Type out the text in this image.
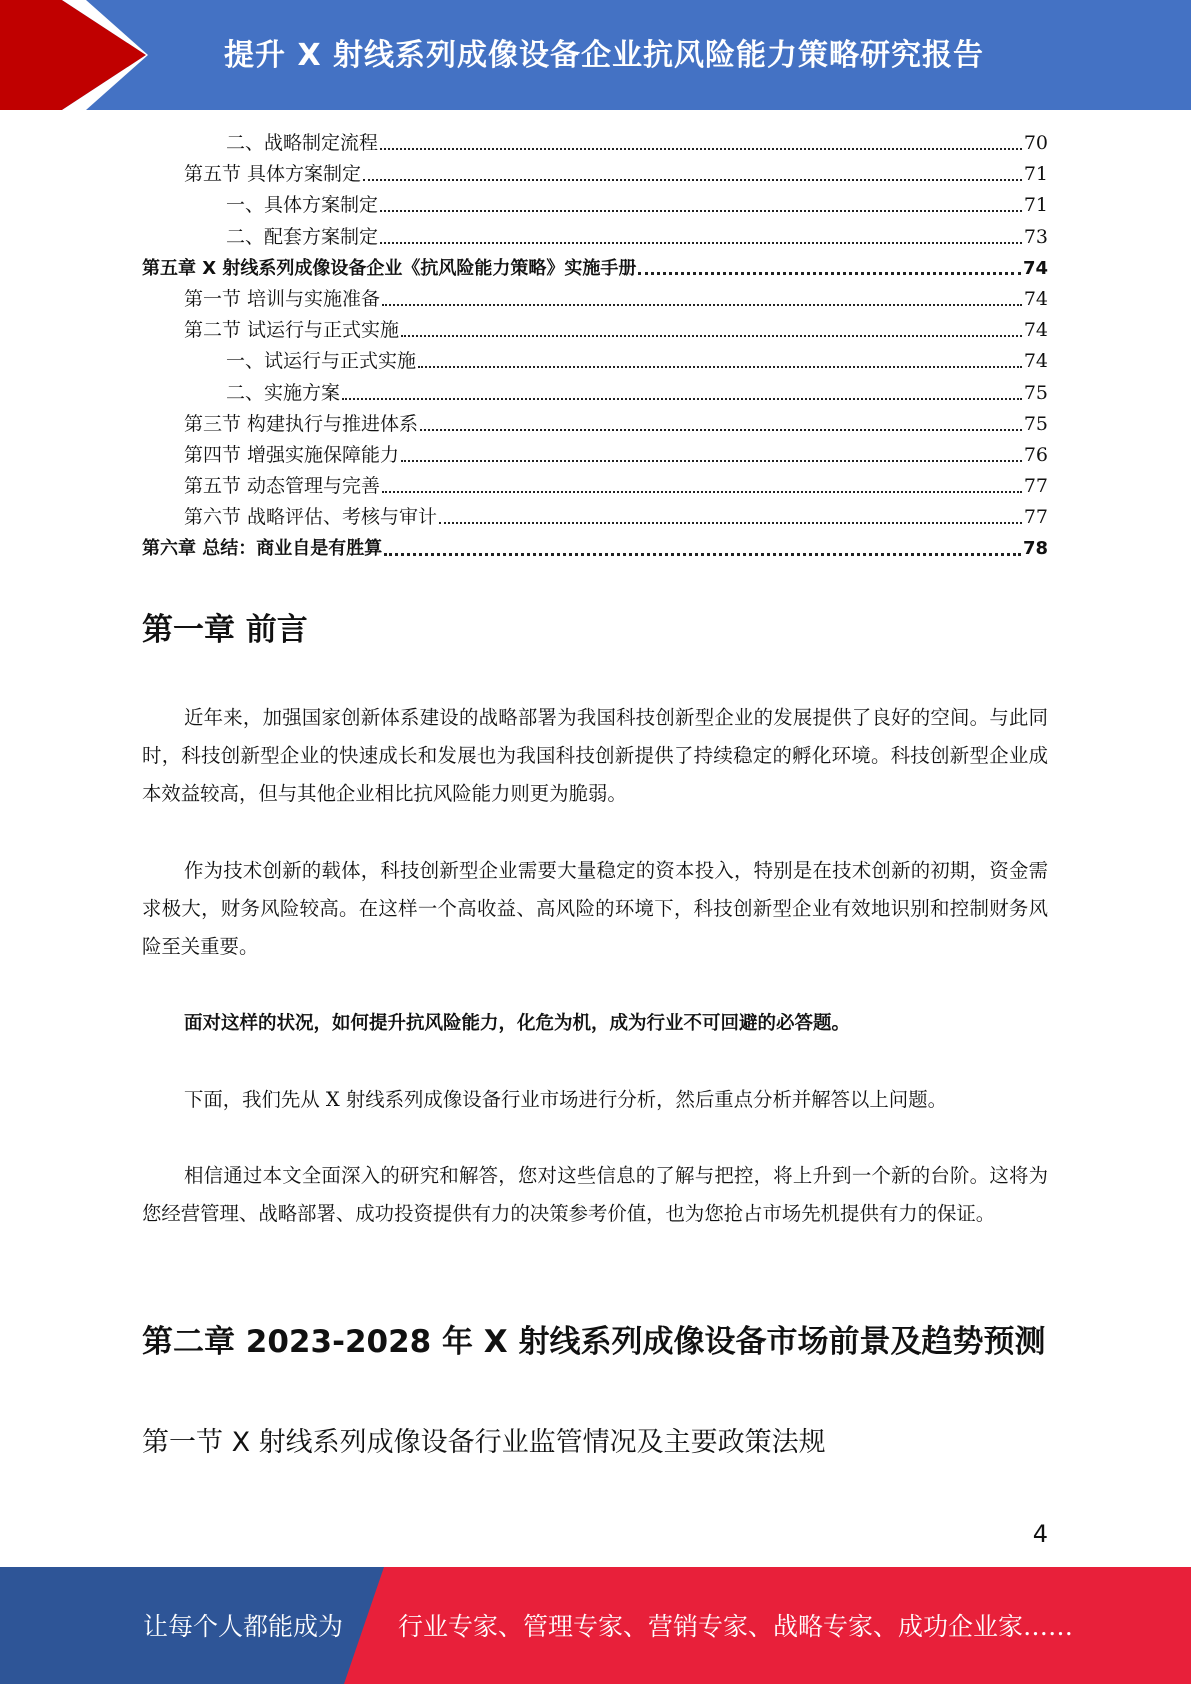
提升 X 射线系列成像设备企业抗风险能力策略研究报告
二、战略制定流程	70
第五节 具体方案制定	71
一、具体方案制定	71
二、配套方案制定	73
第五章 X 射线系列成像设备企业《抗风险能力策略》实施手册	74
第一节 培训与实施准备	74
第二节 试运行与正式实施	74
一、试运行与正式实施	74
二、实施方案	75
第三节 构建执行与推进体系	75
第四节 增强实施保障能力	76
第五节 动态管理与完善	77
第六节 战略评估、考核与审计	77
第六章 总结：商业自是有胜算	78
第一章 前言
近年来，加强国家创新体系建设的战略部署为我国科技创新型企业的发展提供了良好的空间。与此同时，科技创新型企业的快速成长和发展也为我国科技创新提供了持续稳定的孵化环境。科技创新型企业成本效益较高，但与其他企业相比抗风险能力则更为脆弱。
作为技术创新的载体，科技创新型企业需要大量稳定的资本投入，特别是在技术创新的初期，资金需求极大，财务风险较高。在这样一个高收益、高风险的环境下，科技创新型企业有效地识别和控制财务风险至关重要。
面对这样的状况，如何提升抗风险能力，化危为机，成为行业不可回避的必答题。
下面，我们先从 X 射线系列成像设备行业市场进行分析，然后重点分析并解答以上问题。
相信通过本文全面深入的研究和解答，您对这些信息的了解与把控，将上升到一个新的台阶。这将为您经营管理、战略部署、成功投资提供有力的决策参考价值，也为您抢占市场先机提供有力的保证。
第二章 2023-2028 年 X 射线系列成像设备市场前景及趋势预测
第一节 X 射线系列成像设备行业监管情况及主要政策法规
4
让每个人都能成为 行业专家、管理专家、营销专家、战略专家、成功企业家……
